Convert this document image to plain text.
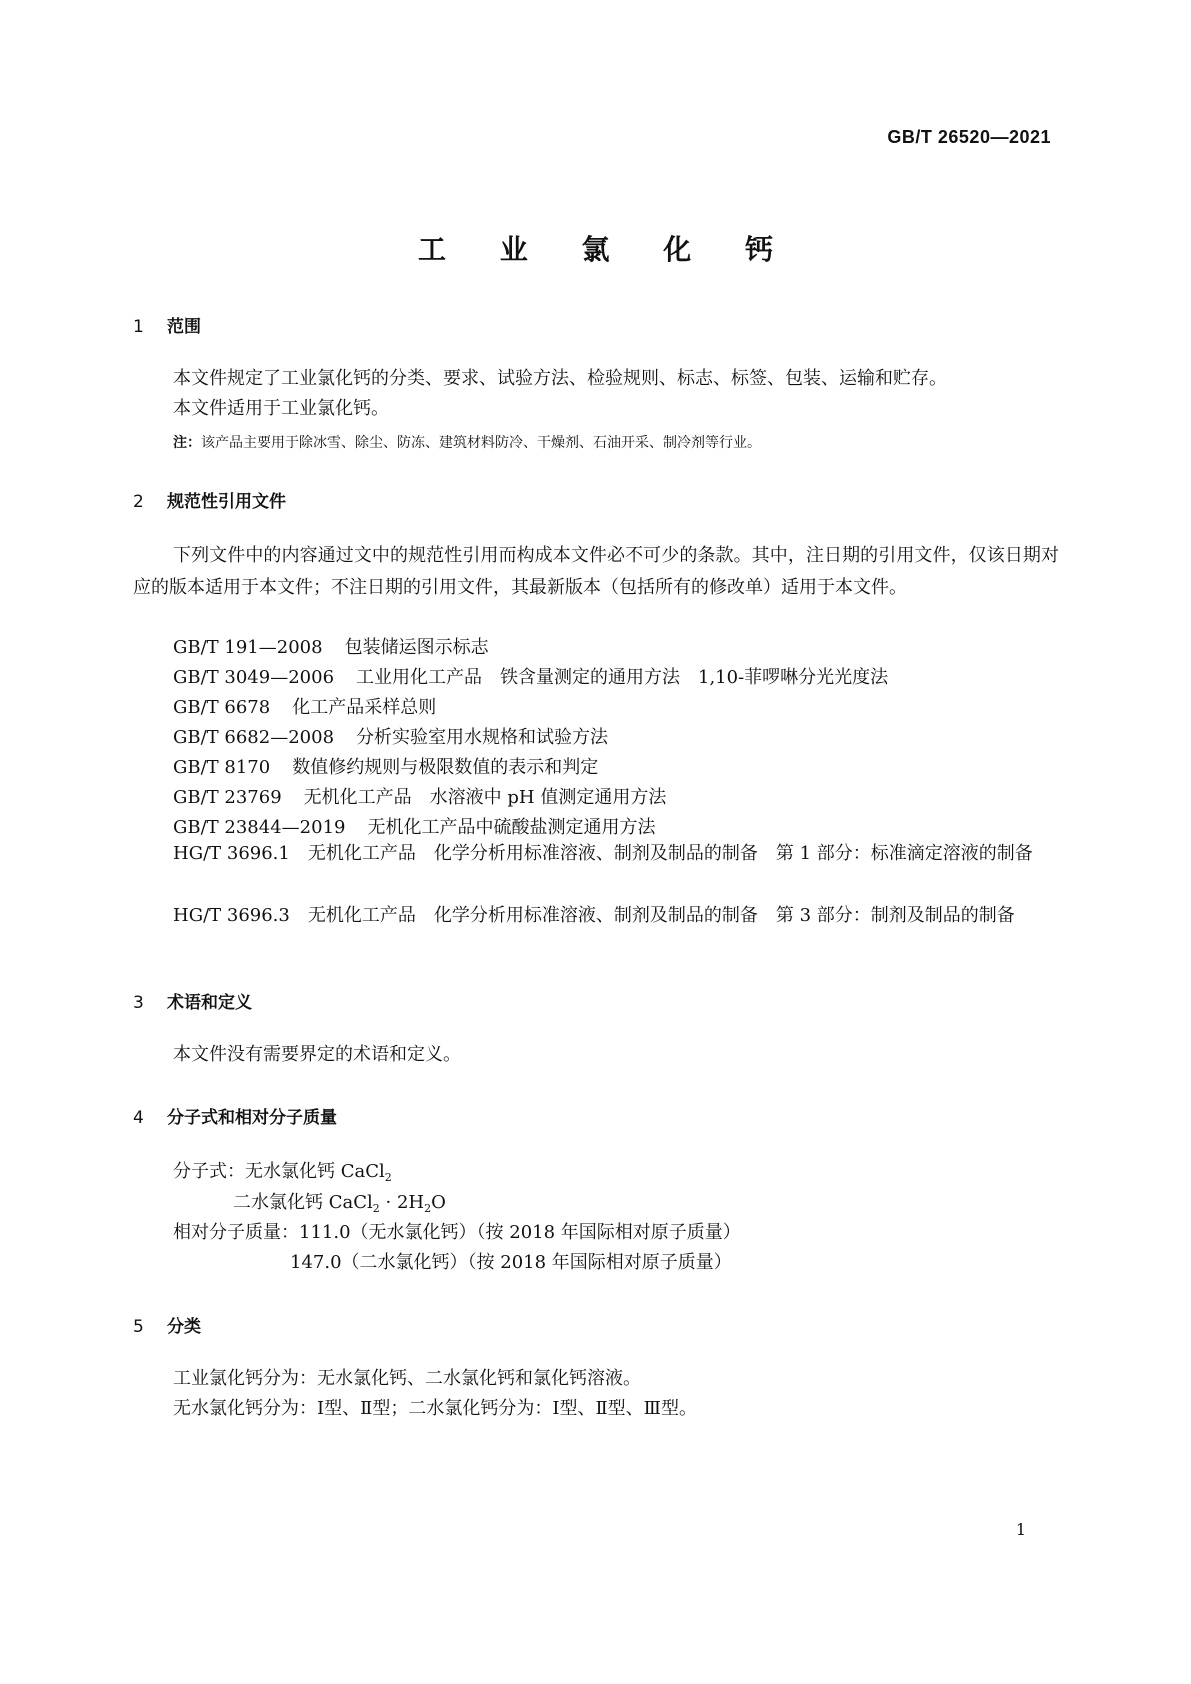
GB/T 26520—2021
工 业 氯 化 钙
1 范围
本文件规定了工业氯化钙的分类、要求、试验方法、检验规则、标志、标签、包装、运输和贮存。
本文件适用于工业氯化钙。
注：该产品主要用于除冰雪、除尘、防冻、建筑材料防冷、干燥剂、石油开采、制冷剂等行业。
2 规范性引用文件
下列文件中的内容通过文中的规范性引用而构成本文件必不可少的条款。其中，注日期的引用文件，仅该日期对应的版本适用于本文件；不注日期的引用文件，其最新版本（包括所有的修改单）适用于本文件。
GB/T 191—2008 包装储运图示标志
GB/T 3049—2006 工业用化工产品　铁含量测定的通用方法　1,10-菲啰啉分光光度法
GB/T 6678 化工产品采样总则
GB/T 6682—2008 分析实验室用水规格和试验方法
GB/T 8170 数值修约规则与极限数值的表示和判定
GB/T 23769 无机化工产品　水溶液中 pH 值测定通用方法
GB/T 23844—2019 无机化工产品中硫酸盐测定通用方法
HG/T 3696.1　无机化工产品　化学分析用标准溶液、制剂及制品的制备　第 1 部分：标准滴定溶液的制备
HG/T 3696.3　无机化工产品　化学分析用标准溶液、制剂及制品的制备　第 3 部分：制剂及制品的制备
3 术语和定义
本文件没有需要界定的术语和定义。
4 分子式和相对分子质量
分子式：无水氯化钙 CaCl$_2$
二水氯化钙 CaCl$_2$ · $2H_2O$
相对分子质量：111.0（无水氯化钙）（按 2018 年国际相对原子质量）
147.0（二水氯化钙）（按 2018 年国际相对原子质量）
5 分类
工业氯化钙分为：无水氯化钙、二水氯化钙和氯化钙溶液。
无水氯化钙分为：Ⅰ型、Ⅱ型；二水氯化钙分为：Ⅰ型、Ⅱ型、Ⅲ型。
1
